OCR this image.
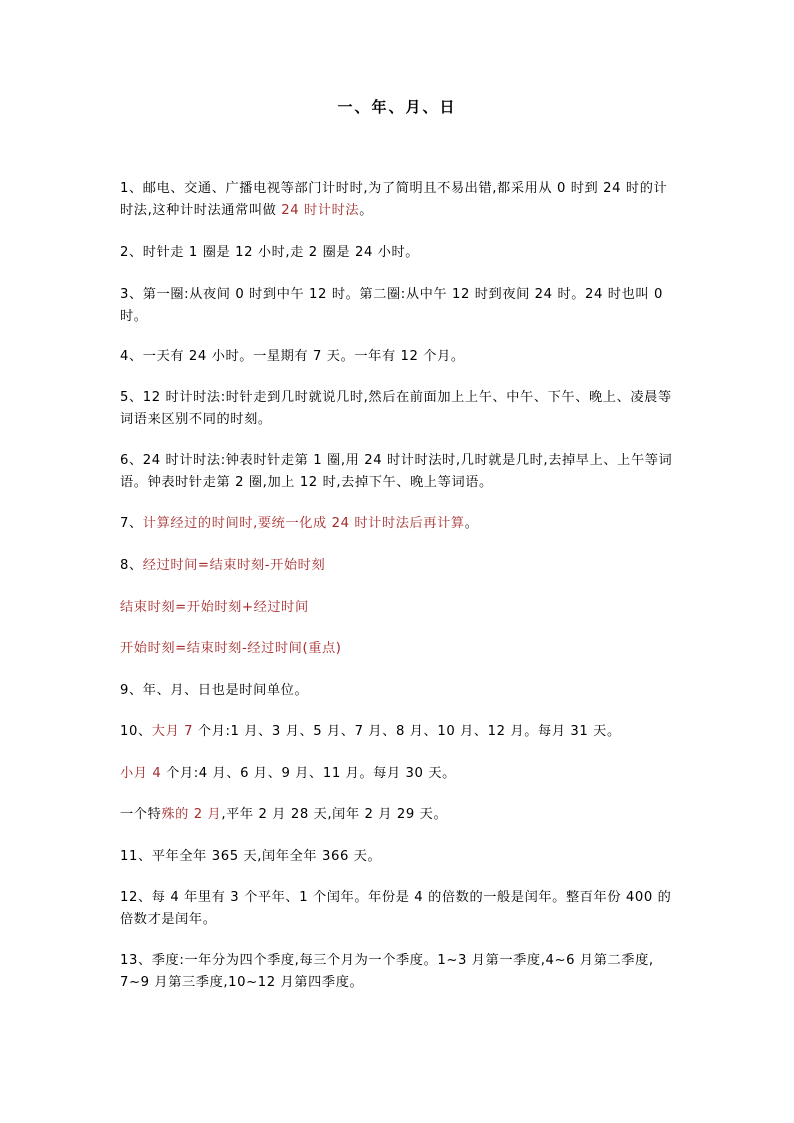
一、年、月、日

1、邮电、交通、广播电视等部门计时时,为了简明且不易出错,都采用从 0 时到 24 时的计时法,这种计时法通常叫做 24 时计时法。

2、时针走 1 圈是 12 小时,走 2 圈是 24 小时。

3、第一圈:从夜间 0 时到中午 12 时。第二圈:从中午 12 时到夜间 24 时。24 时也叫 0 时。

4、一天有 24 小时。一星期有 7 天。一年有 12 个月。

5、12 时计时法:时针走到几时就说几时,然后在前面加上上午、中午、下午、晚上、凌晨等词语来区别不同的时刻。

6、24 时计时法:钟表时针走第 1 圈,用 24 时计时法时,几时就是几时,去掉早上、上午等词语。钟表时针走第 2 圈,加上 12 时,去掉下午、晚上等词语。

7、计算经过的时间时,要统一化成 24 时计时法后再计算。

8、经过时间=结束时刻-开始时刻

结束时刻=开始时刻+经过时间

开始时刻=结束时刻-经过时间(重点)

9、年、月、日也是时间单位。

10、大月 7 个月:1 月、3 月、5 月、7 月、8 月、10 月、12 月。每月 31 天。

小月 4 个月:4 月、6 月、9 月、11 月。每月 30 天。

一个特殊的 2 月,平年 2 月 28 天,闰年 2 月 29 天。

11、平年全年 365 天,闰年全年 366 天。

12、每 4 年里有 3 个平年、1 个闰年。年份是 4 的倍数的一般是闰年。整百年份 400 的倍数才是闰年。

13、季度:一年分为四个季度,每三个月为一个季度。1~3 月第一季度,4~6 月第二季度, 7~9 月第三季度,10~12 月第四季度。
